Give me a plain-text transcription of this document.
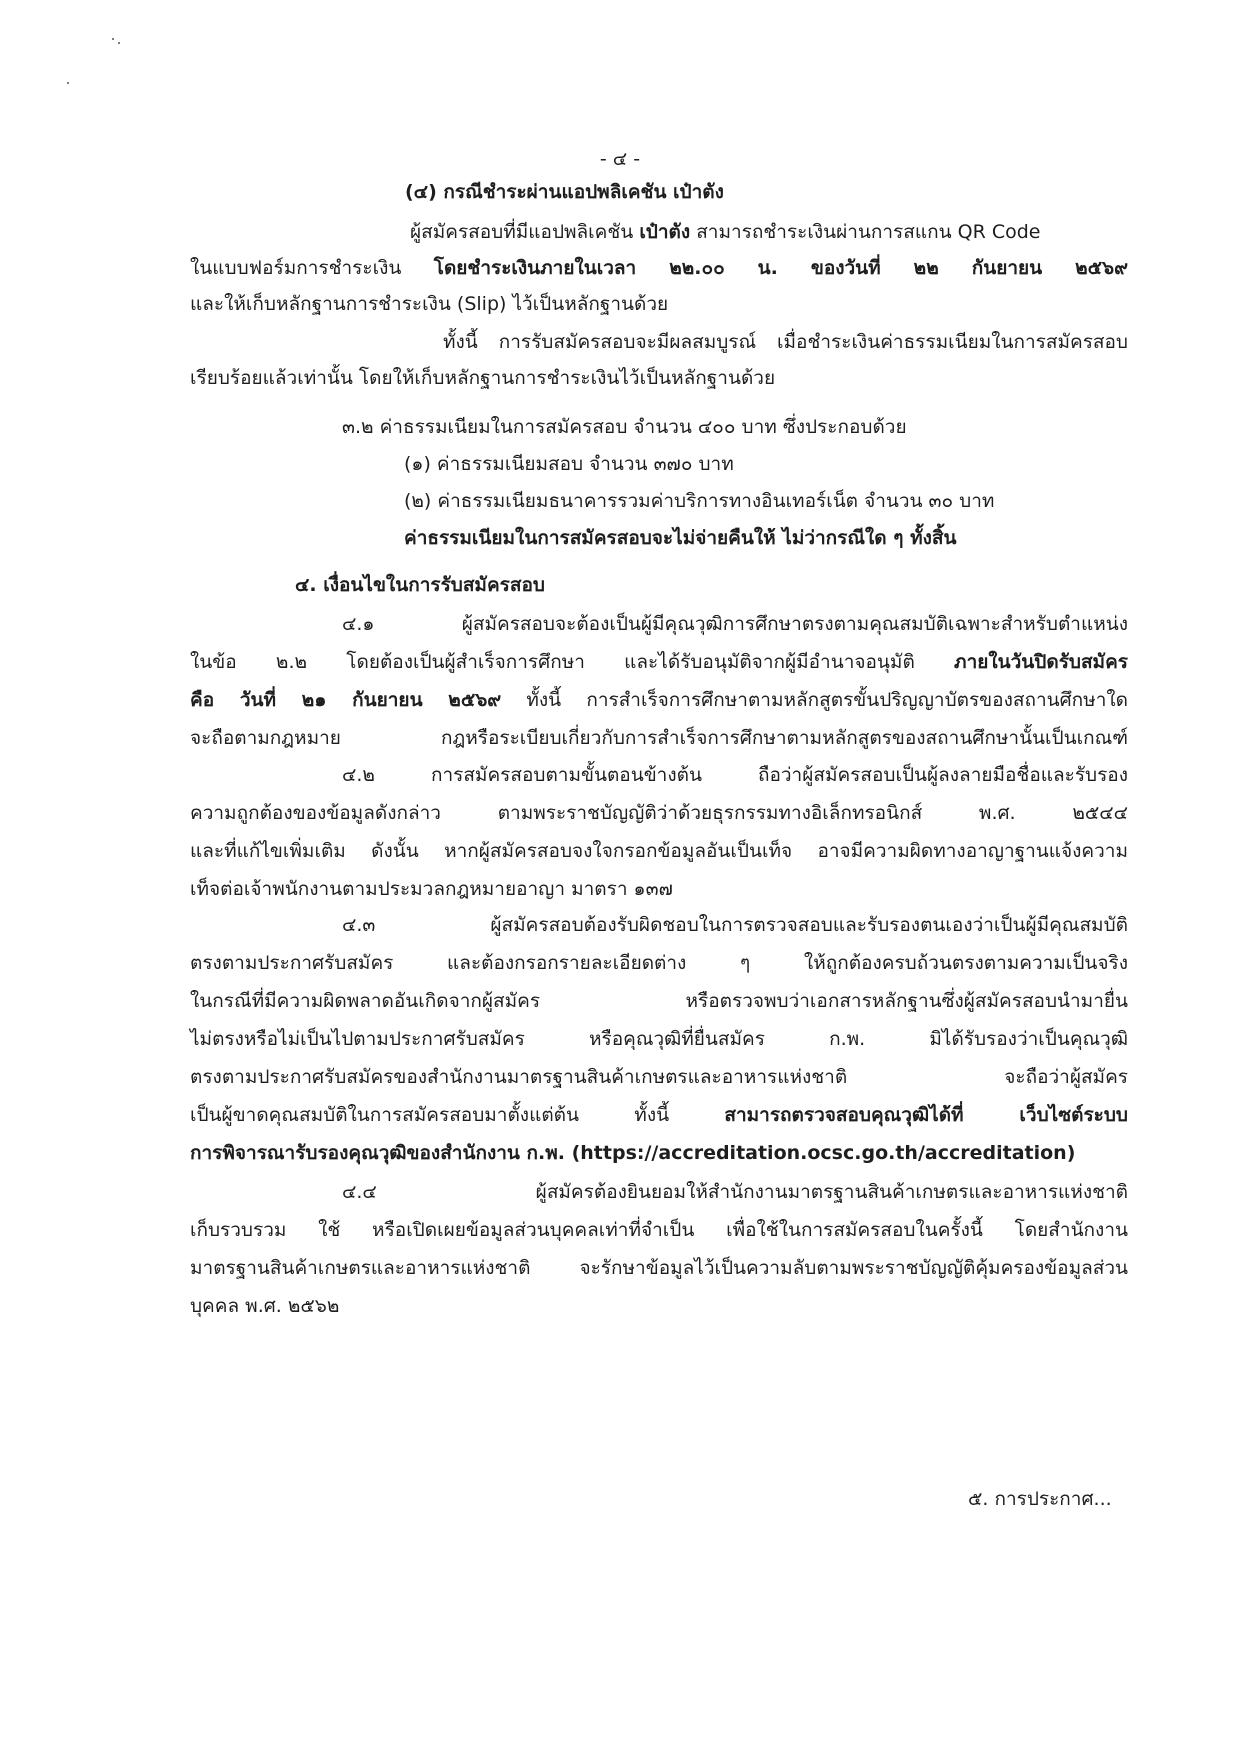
- ๔ -

(๔) กรณีชำระผ่านแอปพลิเคชัน เป๋าตัง

ผู้สมัครสอบที่มีแอปพลิเคชัน เป๋าตัง สามารถชำระเงินผ่านการสแกน QR Code

ในแบบฟอร์มการชำระเงิน โดยชำระเงินภายในเวลา ๒๒.๐๐ น. ของวันที่ ๒๒ กันยายน ๒๕๖๙

และให้เก็บหลักฐานการชำระเงิน (Slip) ไว้เป็นหลักฐานด้วย

ทั้งนี้ การรับสมัครสอบจะมีผลสมบูรณ์ เมื่อชำระเงินค่าธรรมเนียมในการสมัครสอบ

เรียบร้อยแล้วเท่านั้น โดยให้เก็บหลักฐานการชำระเงินไว้เป็นหลักฐานด้วย

๓.๒ ค่าธรรมเนียมในการสมัครสอบ จำนวน ๔๐๐ บาท ซึ่งประกอบด้วย

(๑) ค่าธรรมเนียมสอบ จำนวน ๓๗๐ บาท

(๒) ค่าธรรมเนียมธนาคารรวมค่าบริการทางอินเทอร์เน็ต จำนวน ๓๐ บาท

ค่าธรรมเนียมในการสมัครสอบจะไม่จ่ายคืนให้ ไม่ว่ากรณีใด ๆ ทั้งสิ้น

๔. เงื่อนไขในการรับสมัครสอบ

๔.๑ ผู้สมัครสอบจะต้องเป็นผู้มีคุณวุฒิการศึกษาตรงตามคุณสมบัติเฉพาะสำหรับตำแหน่ง

ในข้อ ๒.๒ โดยต้องเป็นผู้สำเร็จการศึกษา และได้รับอนุมัติจากผู้มีอำนาจอนุมัติ ภายในวันปิดรับสมัคร

คือ วันที่ ๒๑ กันยายน ๒๕๖๙ ทั้งนี้ การสำเร็จการศึกษาตามหลักสูตรขั้นปริญญาบัตรของสถานศึกษาใด

จะถือตามกฎหมาย กฎหรือระเบียบเกี่ยวกับการสำเร็จการศึกษาตามหลักสูตรของสถานศึกษานั้นเป็นเกณฑ์

๔.๒ การสมัครสอบตามขั้นตอนข้างต้น ถือว่าผู้สมัครสอบเป็นผู้ลงลายมือชื่อและรับรอง

ความถูกต้องของข้อมูลดังกล่าว ตามพระราชบัญญัติว่าด้วยธุรกรรมทางอิเล็กทรอนิกส์ พ.ศ. ๒๕๔๔

และที่แก้ไขเพิ่มเติม ดังนั้น หากผู้สมัครสอบจงใจกรอกข้อมูลอันเป็นเท็จ อาจมีความผิดทางอาญาฐานแจ้งความ

เท็จต่อเจ้าพนักงานตามประมวลกฎหมายอาญา มาตรา ๑๓๗

๔.๓ ผู้สมัครสอบต้องรับผิดชอบในการตรวจสอบและรับรองตนเองว่าเป็นผู้มีคุณสมบัติ

ตรงตามประกาศรับสมัคร และต้องกรอกรายละเอียดต่าง ๆ ให้ถูกต้องครบถ้วนตรงตามความเป็นจริง

ในกรณีที่มีความผิดพลาดอันเกิดจากผู้สมัคร หรือตรวจพบว่าเอกสารหลักฐานซึ่งผู้สมัครสอบนำมายื่น

ไม่ตรงหรือไม่เป็นไปตามประกาศรับสมัคร หรือคุณวุฒิที่ยื่นสมัคร ก.พ. มิได้รับรองว่าเป็นคุณวุฒิ

ตรงตามประกาศรับสมัครของสำนักงานมาตรฐานสินค้าเกษตรและอาหารแห่งชาติ จะถือว่าผู้สมัคร

เป็นผู้ขาดคุณสมบัติในการสมัครสอบมาตั้งแต่ต้น ทั้งนี้ สามารถตรวจสอบคุณวุฒิได้ที่ เว็บไซต์ระบบ

การพิจารณารับรองคุณวุฒิของสำนักงาน ก.พ. (https://accreditation.ocsc.go.th/accreditation)

๔.๔ ผู้สมัครต้องยินยอมให้สำนักงานมาตรฐานสินค้าเกษตรและอาหารแห่งชาติ

เก็บรวบรวม ใช้ หรือเปิดเผยข้อมูลส่วนบุคคลเท่าที่จำเป็น เพื่อใช้ในการสมัครสอบในครั้งนี้ โดยสำนักงาน

มาตรฐานสินค้าเกษตรและอาหารแห่งชาติ จะรักษาข้อมูลไว้เป็นความลับตามพระราชบัญญัติคุ้มครองข้อมูลส่วน

บุคคล พ.ศ. ๒๕๖๒

๕. การประกาศ...
